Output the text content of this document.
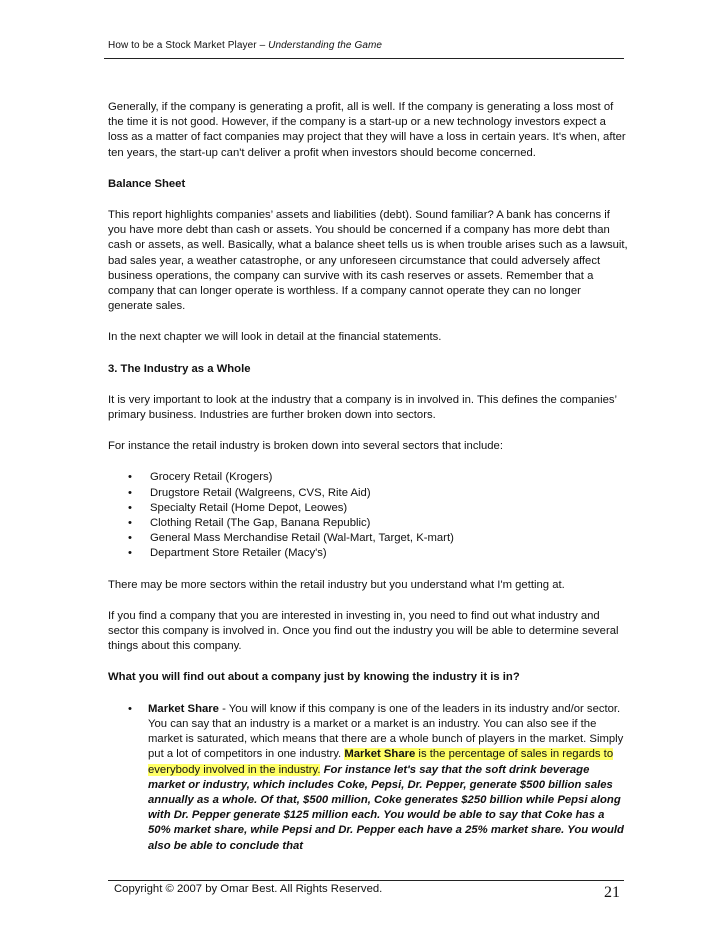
How to be a Stock Market Player – Understanding the Game

Generally, if the company is generating a profit, all is well. If the company is generating a loss most of the time it is not good. However, if the company is a start-up or a new technology investors expect a loss as a matter of fact companies may project that they will have a loss in certain years. It's when, after ten years, the start-up can't deliver a profit when investors should become concerned.

Balance Sheet

This report highlights companies’ assets and liabilities (debt). Sound familiar? A bank has concerns if you have more debt than cash or assets. You should be concerned if a company has more debt than cash or assets, as well. Basically, what a balance sheet tells us is when trouble arises such as a lawsuit, bad sales year, a weather catastrophe, or any unforeseen circumstance that could adversely affect business operations, the company can survive with its cash reserves or assets. Remember that a company that can longer operate is worthless. If a company cannot operate they can no longer generate sales.

In the next chapter we will look in detail at the financial statements.

3. The Industry as a Whole

It is very important to look at the industry that a company is in involved in. This defines the companies’ primary business. Industries are further broken down into sectors.

For instance the retail industry is broken down into several sectors that include:

• Grocery Retail (Krogers)
• Drugstore Retail (Walgreens, CVS, Rite Aid)
• Specialty Retail (Home Depot, Leowes)
• Clothing Retail (The Gap, Banana Republic)
• General Mass Merchandise Retail (Wal-Mart, Target, K-mart)
• Department Store Retailer (Macy's)

There may be more sectors within the retail industry but you understand what I'm getting at.

If you find a company that you are interested in investing in, you need to find out what industry and sector this company is involved in. Once you find out the industry you will be able to determine several things about this company.

What you will find out about a company just by knowing the industry it is in?

• Market Share - You will know if this company is one of the leaders in its industry and/or sector. You can say that an industry is a market or a market is an industry. You can also see if the market is saturated, which means that there are a whole bunch of players in the market. Simply put a lot of competitors in one industry. Market Share is the percentage of sales in regards to everybody involved in the industry. For instance let's say that the soft drink beverage market or industry, which includes Coke, Pepsi, Dr. Pepper, generate $500 billion sales annually as a whole. Of that, $500 million, Coke generates $250 billion while Pepsi along with Dr. Pepper generate $125 million each. You would be able to say that Coke has a 50% market share, while Pepsi and Dr. Pepper each have a 25% market share. You would also be able to conclude that
Copyright © 2007 by Omar Best. All Rights Reserved.	21
